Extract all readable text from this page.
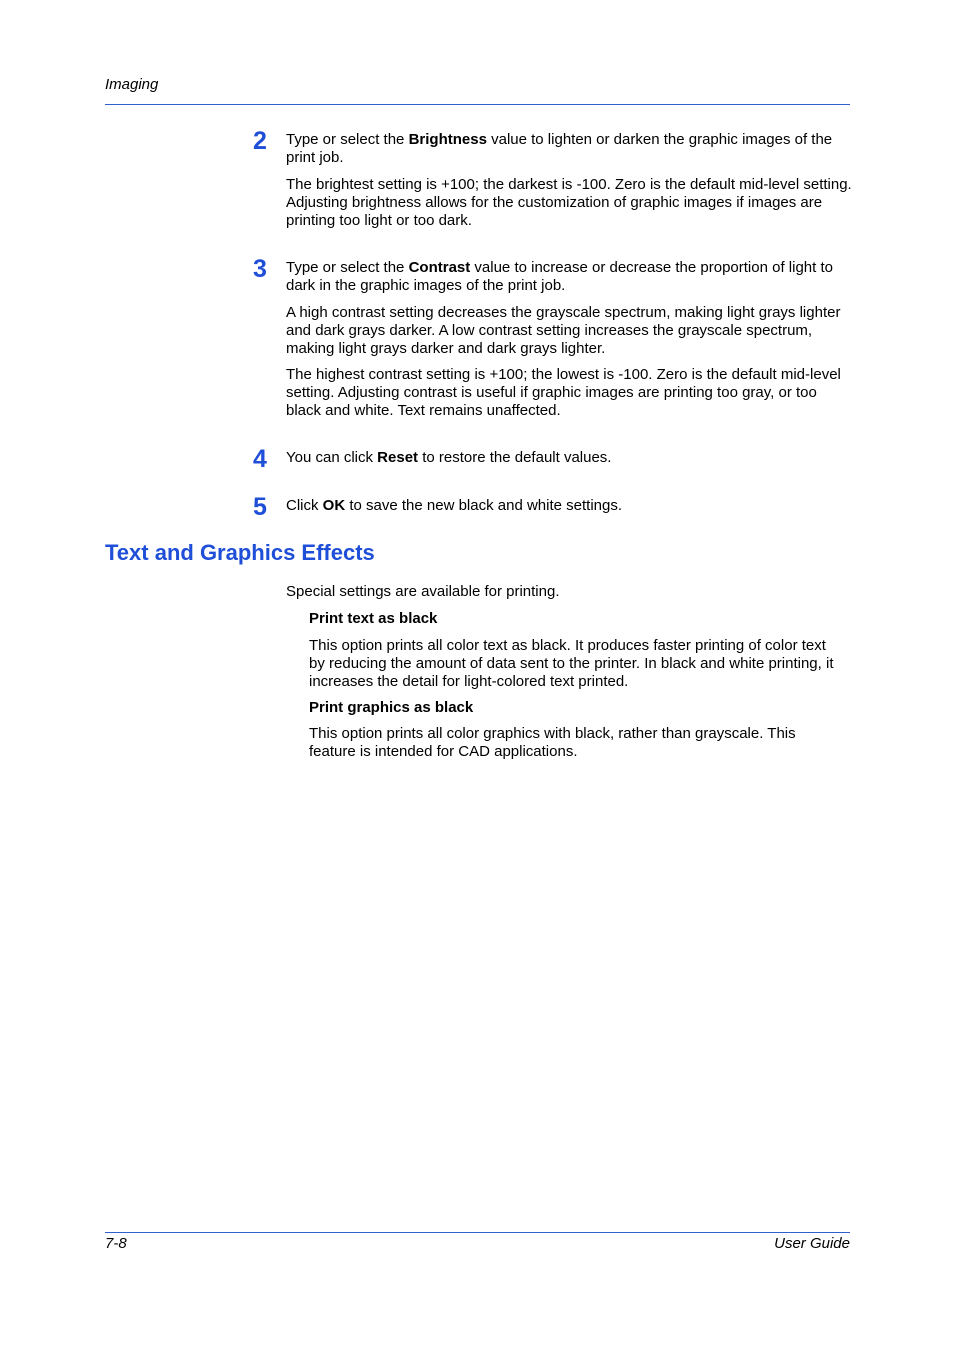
Imaging
2 Type or select the Brightness value to lighten or darken the graphic images of the print job.

The brightest setting is +100; the darkest is -100. Zero is the default mid-level setting. Adjusting brightness allows for the customization of graphic images if images are printing too light or too dark.

3 Type or select the Contrast value to increase or decrease the proportion of light to dark in the graphic images of the print job.

A high contrast setting decreases the grayscale spectrum, making light grays lighter and dark grays darker. A low contrast setting increases the grayscale spectrum, making light grays darker and dark grays lighter.

The highest contrast setting is +100; the lowest is -100. Zero is the default mid-level setting. Adjusting contrast is useful if graphic images are printing too gray, or too black and white. Text remains unaffected.

4 You can click Reset to restore the default values.

5 Click OK to save the new black and white settings.

Text and Graphics Effects

Special settings are available for printing.

Print text as black

This option prints all color text as black. It produces faster printing of color text by reducing the amount of data sent to the printer. In black and white printing, it increases the detail for light-colored text printed.

Print graphics as black

This option prints all color graphics with black, rather than grayscale. This feature is intended for CAD applications.

7-8	User Guide
